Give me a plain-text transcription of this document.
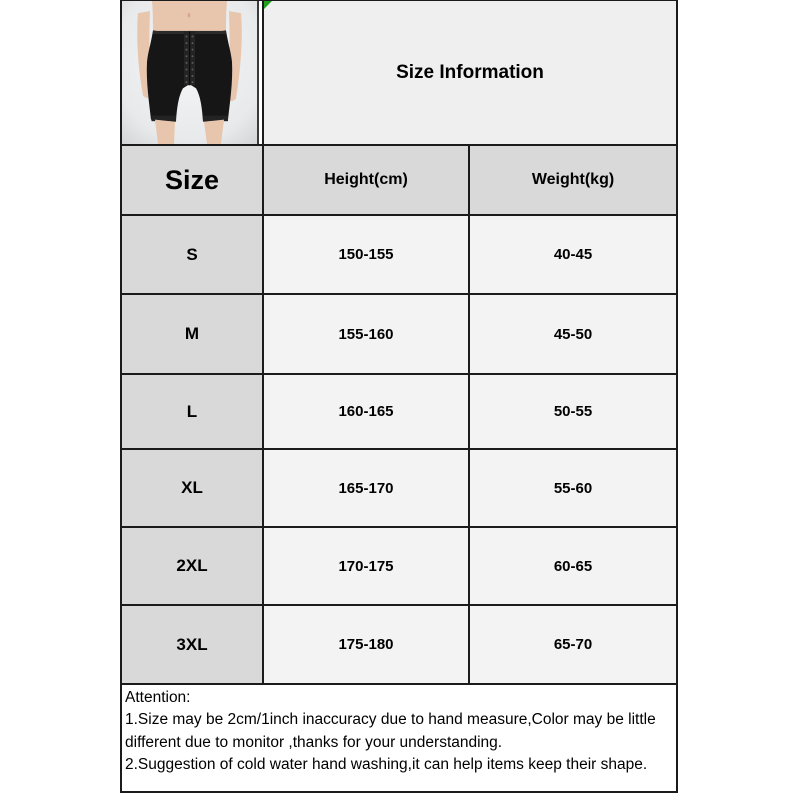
Size Information
Size	Height(cm)	Weight(kg)
S	150-155	40-45
M	155-160	45-50
L	160-165	50-55
XL	165-170	55-60
2XL	170-175	60-65
3XL	175-180	65-70
Attention:
1.Size may be 2cm/1inch inaccuracy due to hand measure,Color may be little
different due to monitor ,thanks for your understanding.
2.Suggestion of cold water hand washing,it can help items keep their shape.
